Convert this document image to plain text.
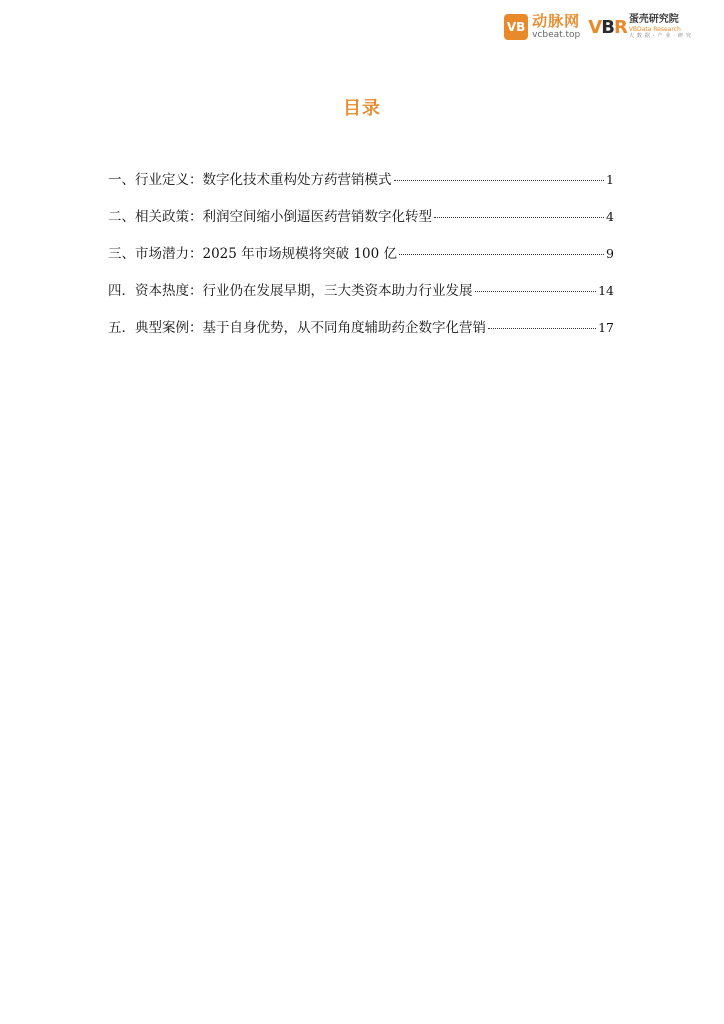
VB 动脉网
vcbeat.top VBR 蛋壳研究院
VBData Research
大数据·产业·研究
目录
一、行业定义：数字化技术重构处方药营销模式	1
二、相关政策：利润空间缩小倒逼医药营销数字化转型	4
三、市场潜力：2025 年市场规模将突破 100 亿	9
四．资本热度：行业仍在发展早期，三大类资本助力行业发展	14
五．典型案例：基于自身优势，从不同角度辅助药企数字化营销	17
